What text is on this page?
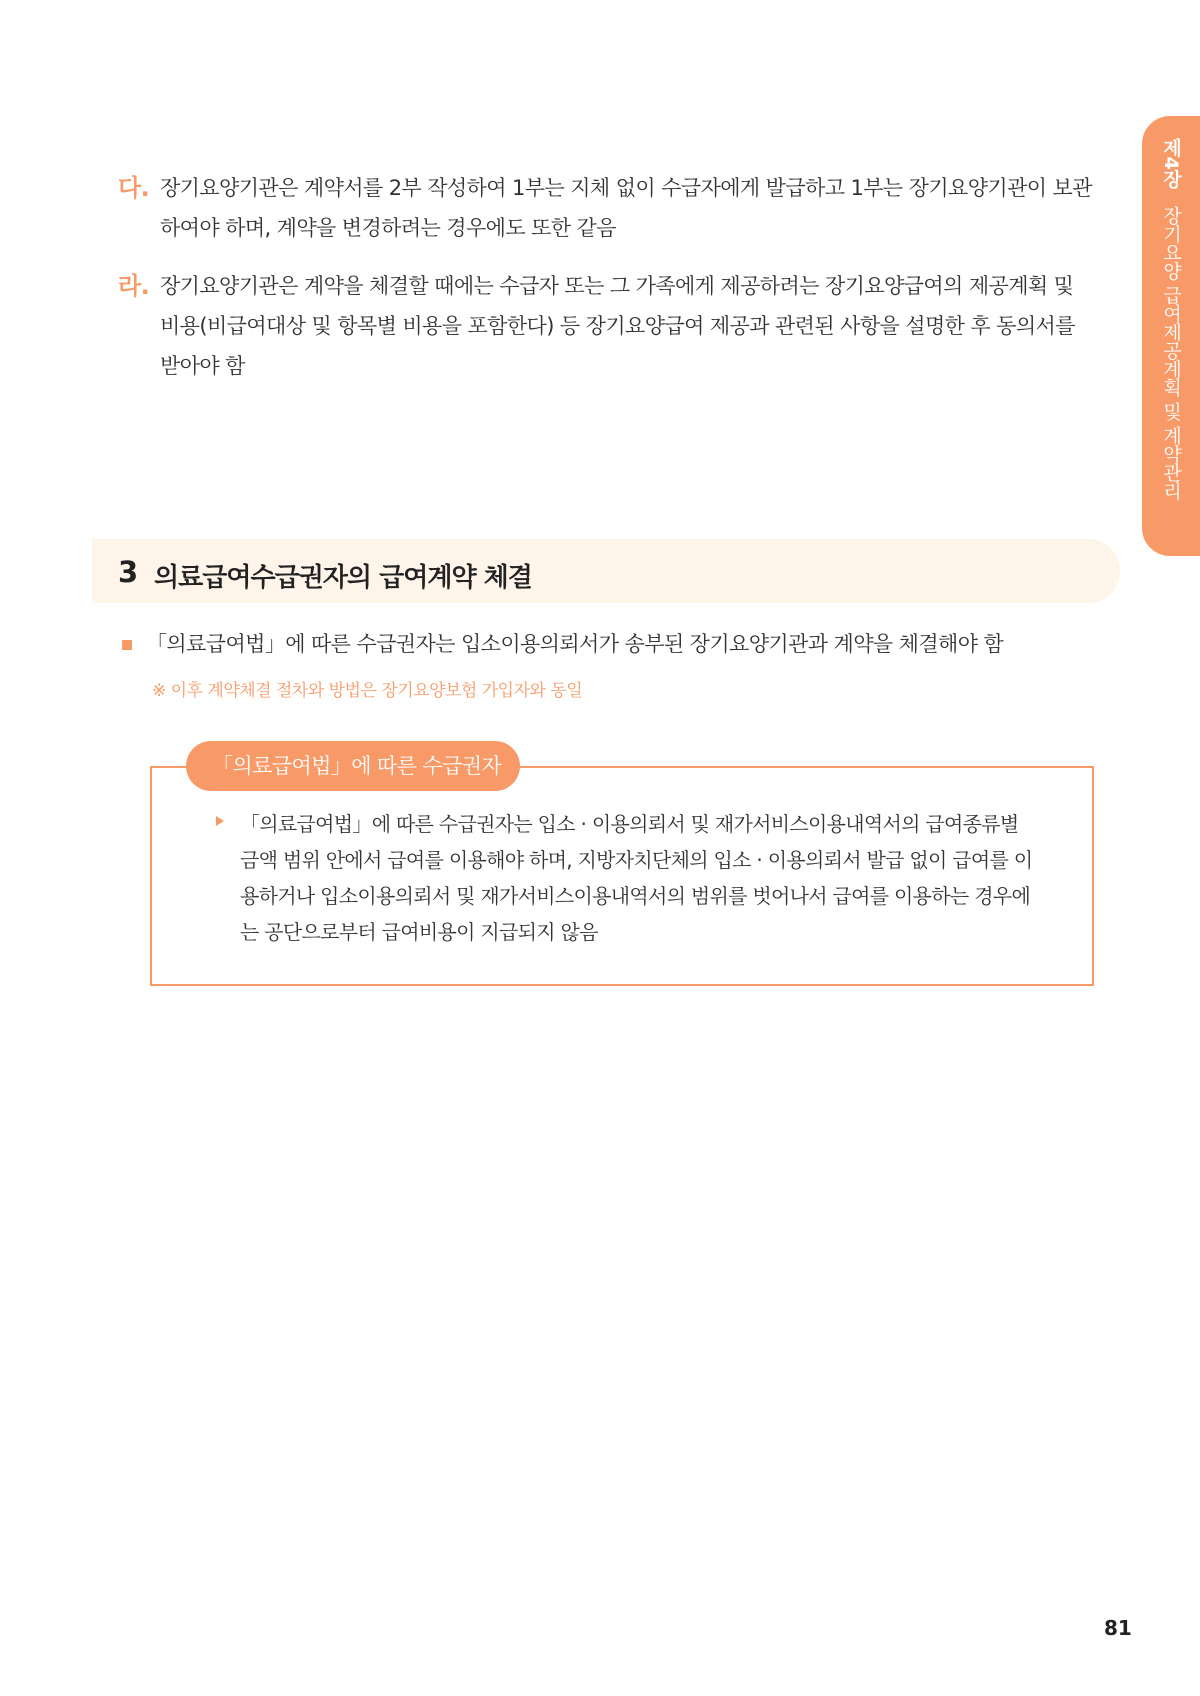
제4장장기요양 급여제공계획 및 계약관리
다. 장기요양기관은 계약서를 2부 작성하여 1부는 지체 없이 수급자에게 발급하고 1부는 장기요양기관이 보관하여야 하며, 계약을 변경하려는 경우에도 또한 같음
라. 장기요양기관은 계약을 체결할 때에는 수급자 또는 그 가족에게 제공하려는 장기요양급여의 제공계획 및 비용(비급여대상 및 항목별 비용을 포함한다) 등 장기요양급여 제공과 관련된 사항을 설명한 후 동의서를 받아야 함
3 의료급여수급권자의 급여계약 체결
「의료급여법」에 따른 수급권자는 입소이용의뢰서가 송부된 장기요양기관과 계약을 체결해야 함
※ 이후 계약체결 절차와 방법은 장기요양보험 가입자와 동일
「의료급여법」에 따른 수급권자
「의료급여법」에 따른 수급권자는 입소 · 이용의뢰서 및 재가서비스이용내역서의 급여종류별 금액 범위 안에서 급여를 이용해야 하며, 지방자치단체의 입소 · 이용의뢰서 발급 없이 급여를 이용하거나 입소이용의뢰서 및 재가서비스이용내역서의 범위를 벗어나서 급여를 이용하는 경우에는 공단으로부터 급여비용이 지급되지 않음
81
